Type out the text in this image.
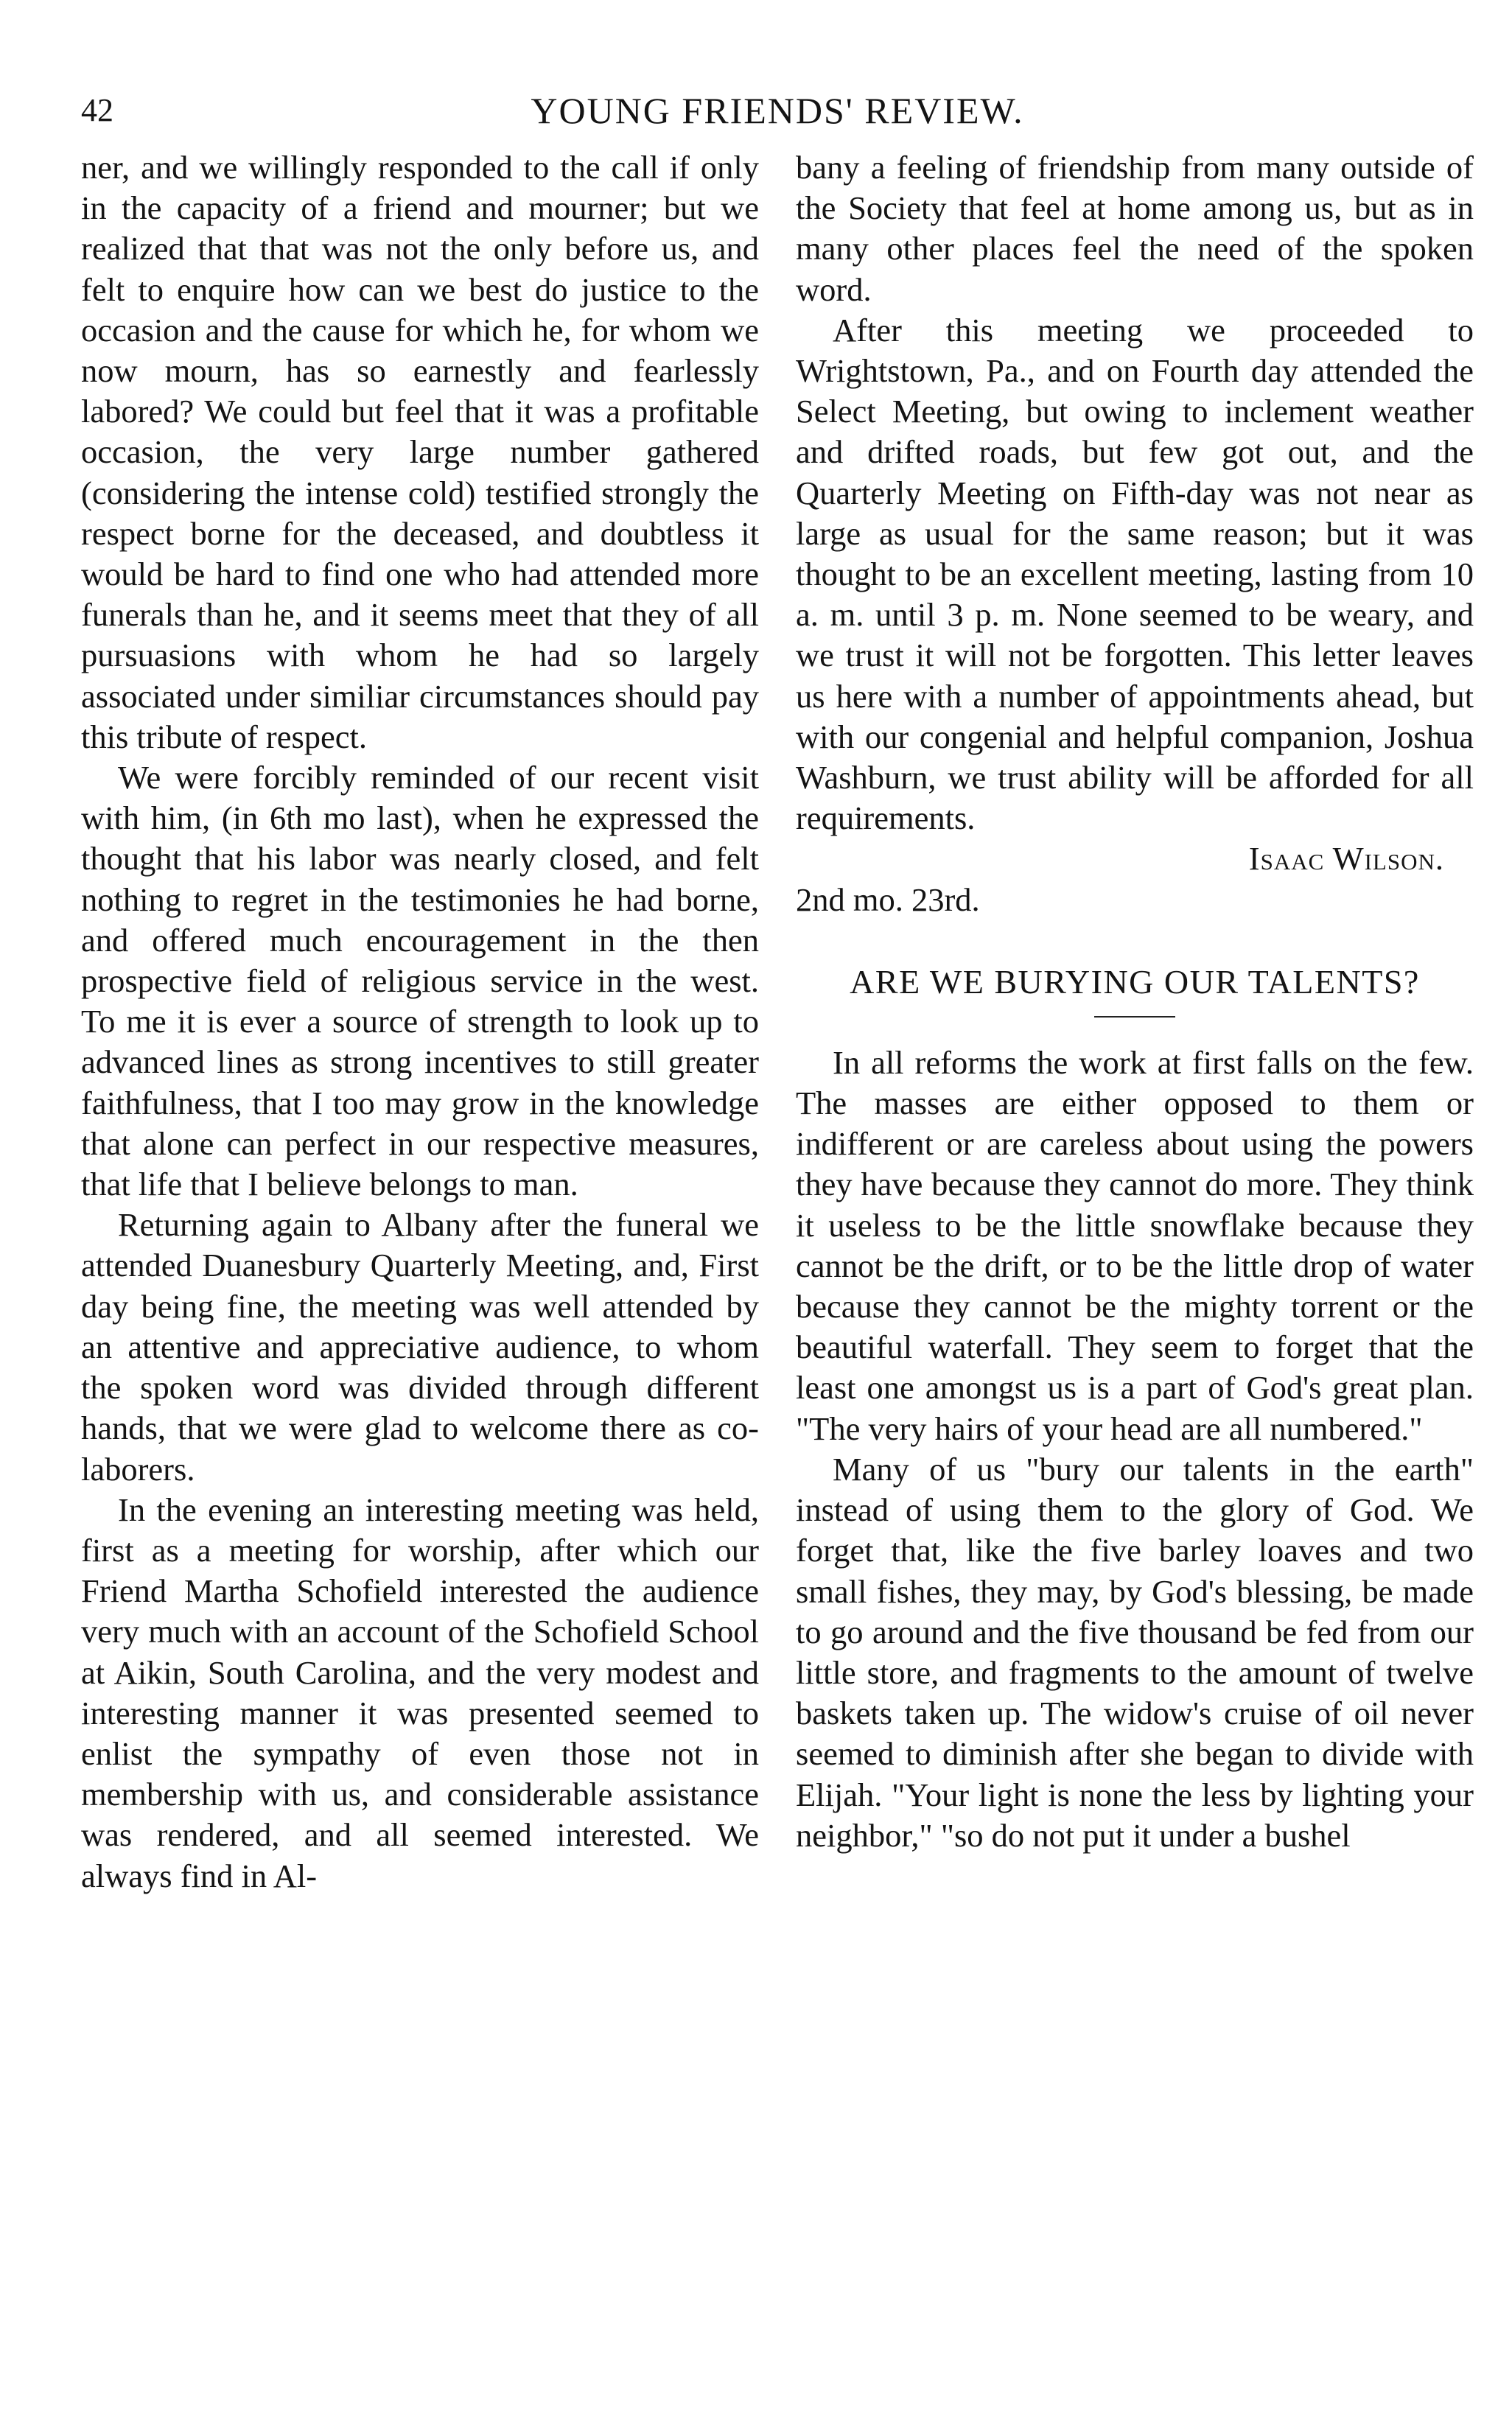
42	YOUNG FRIENDS' REVIEW.

ner, and we willingly responded to the call if only in the capacity of a friend and mourner; but we realized that that was not the only before us, and felt to enquire how can we best do justice to the occasion and the cause for which he, for whom we now mourn, has so earnestly and fearlessly labored? We could but feel that it was a profitable occasion, the very large number gathered (considering the intense cold) testified strongly the respect borne for the deceased, and doubtless it would be hard to find one who had attended more funerals than he, and it seems meet that they of all pursuasions with whom he had so largely associated under similiar circumstances should pay this tribute of respect.

We were forcibly reminded of our recent visit with him, (in 6th mo last), when he expressed the thought that his labor was nearly closed, and felt nothing to regret in the testimonies he had borne, and offered much encouragement in the then prospective field of religious service in the west. To me it is ever a source of strength to look up to advanced lines as strong incentives to still greater faithfulness, that I too may grow in the knowledge that alone can perfect in our respective measures, that life that I believe belongs to man.

Returning again to Albany after the funeral we attended Duanesbury Quarterly Meeting, and, First day being fine, the meeting was well attended by an attentive and appreciative audience, to whom the spoken word was divided through different hands, that we were glad to welcome there as co-laborers.

In the evening an interesting meeting was held, first as a meeting for worship, after which our Friend Martha Schofield interested the audience very much with an account of the Schofield School at Aikin, South Carolina, and the very modest and interesting manner it was presented seemed to enlist the sympathy of even those not in membership with us, and considerable assistance was rendered, and all seemed interested. We always find in Al-

bany a feeling of friendship from many outside of the Society that feel at home among us, but as in many other places feel the need of the spoken word.

After this meeting we proceeded to Wrightstown, Pa., and on Fourth day attended the Select Meeting, but owing to inclement weather and drifted roads, but few got out, and the Quarterly Meeting on Fifth-day was not near as large as usual for the same reason; but it was thought to be an excellent meeting, lasting from 10 a. m. until 3 p. m. None seemed to be weary, and we trust it will not be forgotten. This letter leaves us here with a number of appointments ahead, but with our congenial and helpful companion, Joshua Washburn, we trust ability will be afforded for all requirements.

Isaac Wilson.

2nd mo. 23rd.

ARE WE BURYING OUR TALENTS?

In all reforms the work at first falls on the few. The masses are either opposed to them or indifferent or are careless about using the powers they have because they cannot do more. They think it useless to be the little snowflake because they cannot be the drift, or to be the little drop of water because they cannot be the mighty torrent or the beautiful waterfall. They seem to forget that the least one amongst us is a part of God's great plan. "The very hairs of your head are all numbered."

Many of us "bury our talents in the earth" instead of using them to the glory of God. We forget that, like the five barley loaves and two small fishes, they may, by God's blessing, be made to go around and the five thousand be fed from our little store, and fragments to the amount of twelve baskets taken up. The widow's cruise of oil never seemed to diminish after she began to divide with Elijah. "Your light is none the less by lighting your neighbor," "so do not put it under a bushel
